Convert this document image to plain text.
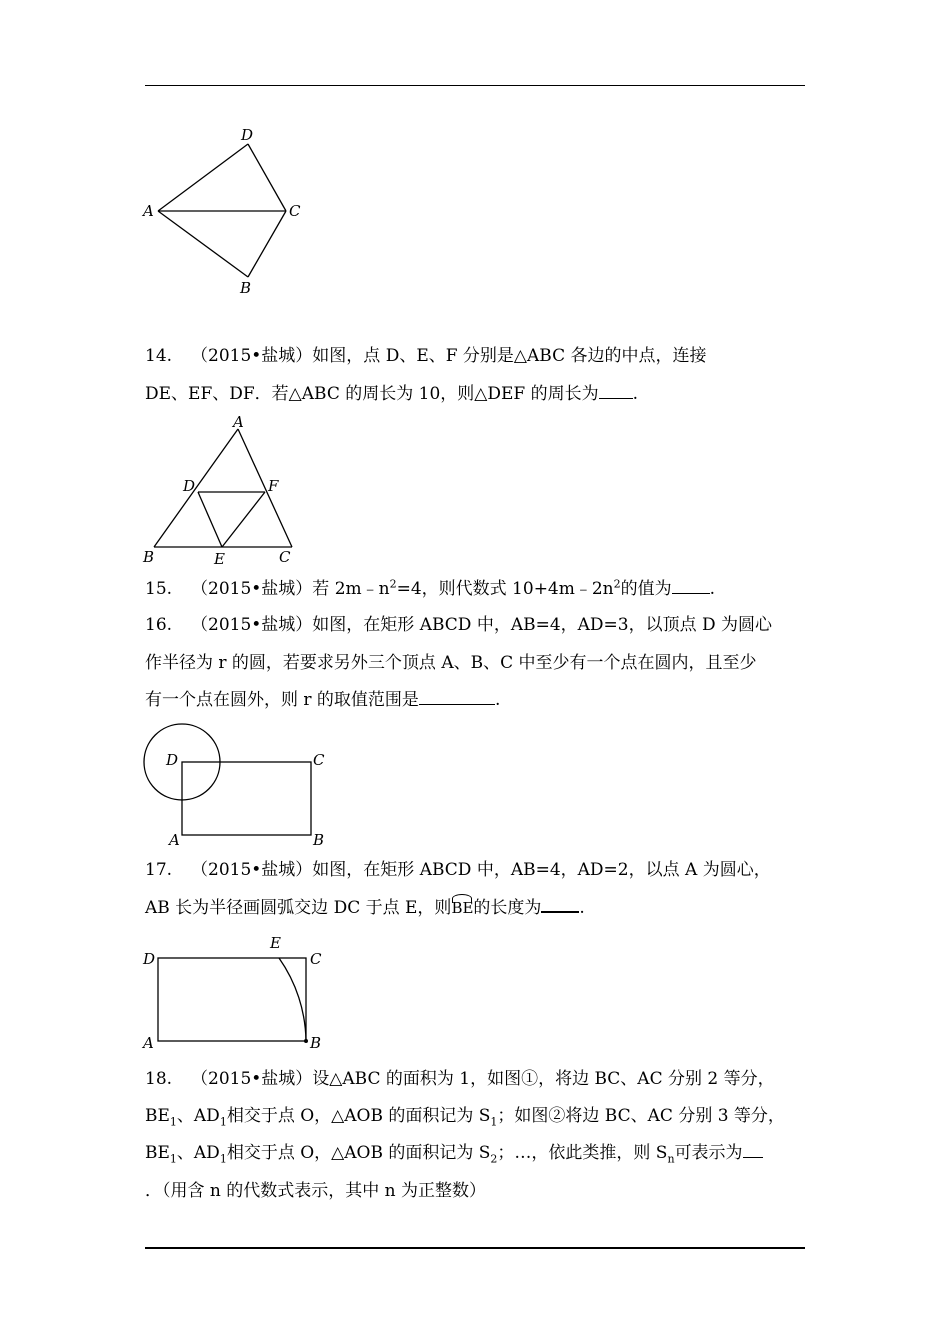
D
A	C
B
14. （2015•盐城）如图，点 D、E、F 分别是△ABC 各边的中点，连接
DE、EF、DF．若△ABC 的周长为 10，则△DEF 的周长为 .
A
D	F
B	E	C
15. （2015•盐城）若 $2m﹣n^2=4$，则代数式 $10+4m﹣2n^2$的值为 .
16. （2015•盐城）如图，在矩形 ABCD 中，AB=4，AD=3，以顶点 D 为圆心
作半径为 r 的圆，若要求另外三个顶点 A、B、C 中至少有一个点在圆内，且至少
有一个点在圆外，则 r 的取值范围是	.
D	C
A	B
17. （2015•盐城）如图，在矩形 ABCD 中，AB=4，AD=2，以点 A 为圆心，
AB 长为半径画圆弧交边 DC 于点 E，则BE的长度为 .
E
D	C
A	B
18. （2015•盐城）设△ABC 的面积为 1，如图①，将边 BC、AC 分别 2 等分，
$BE_1$、$AD_1$相交于点 O，△AOB 的面积记为 $S_1$；如图②将边 BC、AC 分别 3 等分，
$BE_1$、$AD_1$相交于点 O，△AOB 的面积记为 $S_2$；…，依此类推，则 $S_n$可表示为
．（用含 n 的代数式表示，其中 n 为正整数）
